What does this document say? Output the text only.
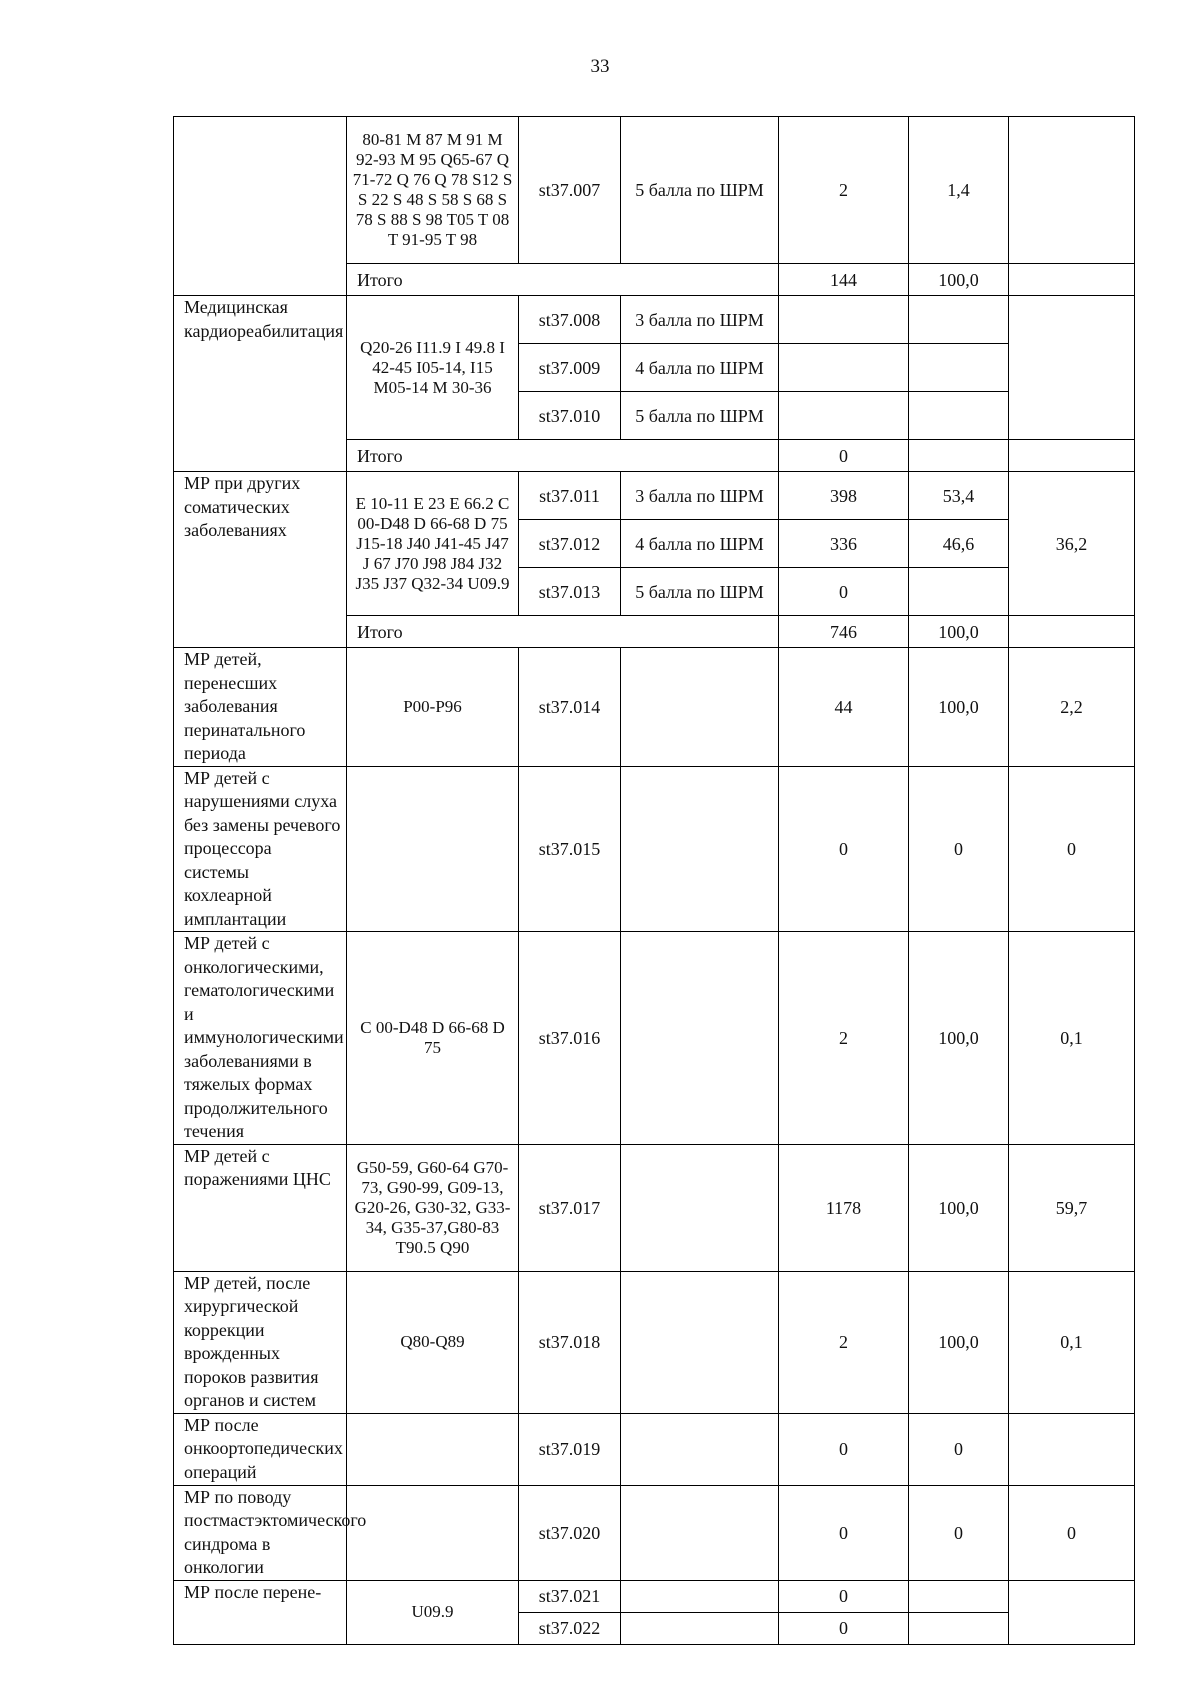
33
	80-81 M 87 M 91 M 92-93 M 95 Q65-67 Q 71-72 Q 76 Q 78 S12 S S 22 S 48 S 58 S 68 S 78 S 88 S 98 T05 T 08 T 91-95 T 98	st37.007	5 балла по ШРМ	2	1,4	
	Итого			144	100,0	
Медицинская кардиореабилитация	Q20-26 I11.9 I 49.8 I 42-45 I05-14, I15 M05-14 M 30-36	st37.008	3 балла по ШРМ			
		st37.009	4 балла по ШРМ			
		st37.010	5 балла по ШРМ			
	Итого			0		
МР при других соматических заболеваниях	E 10-11 E 23 E 66.2 C 00-D48 D 66-68 D 75 J15-18 J40 J41-45 J47 J 67 J70 J98 J84 J32 J35 J37 Q32-34 U09.9	st37.011	3 балла по ШРМ	398	53,4	36,2
		st37.012	4 балла по ШРМ	336	46,6	
		st37.013	5 балла по ШРМ	0		
	Итого			746	100,0	
МР детей, перенесших заболевания перинатального периода	P00-P96	st37.014		44	100,0	2,2
МР детей с нарушениями слуха без замены речевого процессора системы кохлеарной имплантации		st37.015		0	0	0
МР детей с онкологическими, гематологическими и иммунологическими заболеваниями в тяжелых формах продолжительного течения	C 00-D48 D 66-68 D 75	st37.016		2	100,0	0,1
МР детей с поражениями ЦНС	G50-59, G60-64 G70-73, G90-99, G09-13, G20-26, G30-32, G33-34, G35-37,G80-83 T90.5 Q90	st37.017		1178	100,0	59,7
МР детей, после хирургической коррекции врожденных пороков развития органов и систем	Q80-Q89	st37.018		2	100,0	0,1
МР после онкоортопедических операций		st37.019		0	0	
МР по поводу постмастэктомического синдрома в онкологии		st37.020		0	0	0
МР после перене-	U09.9	st37.021		0		
		st37.022		0		
